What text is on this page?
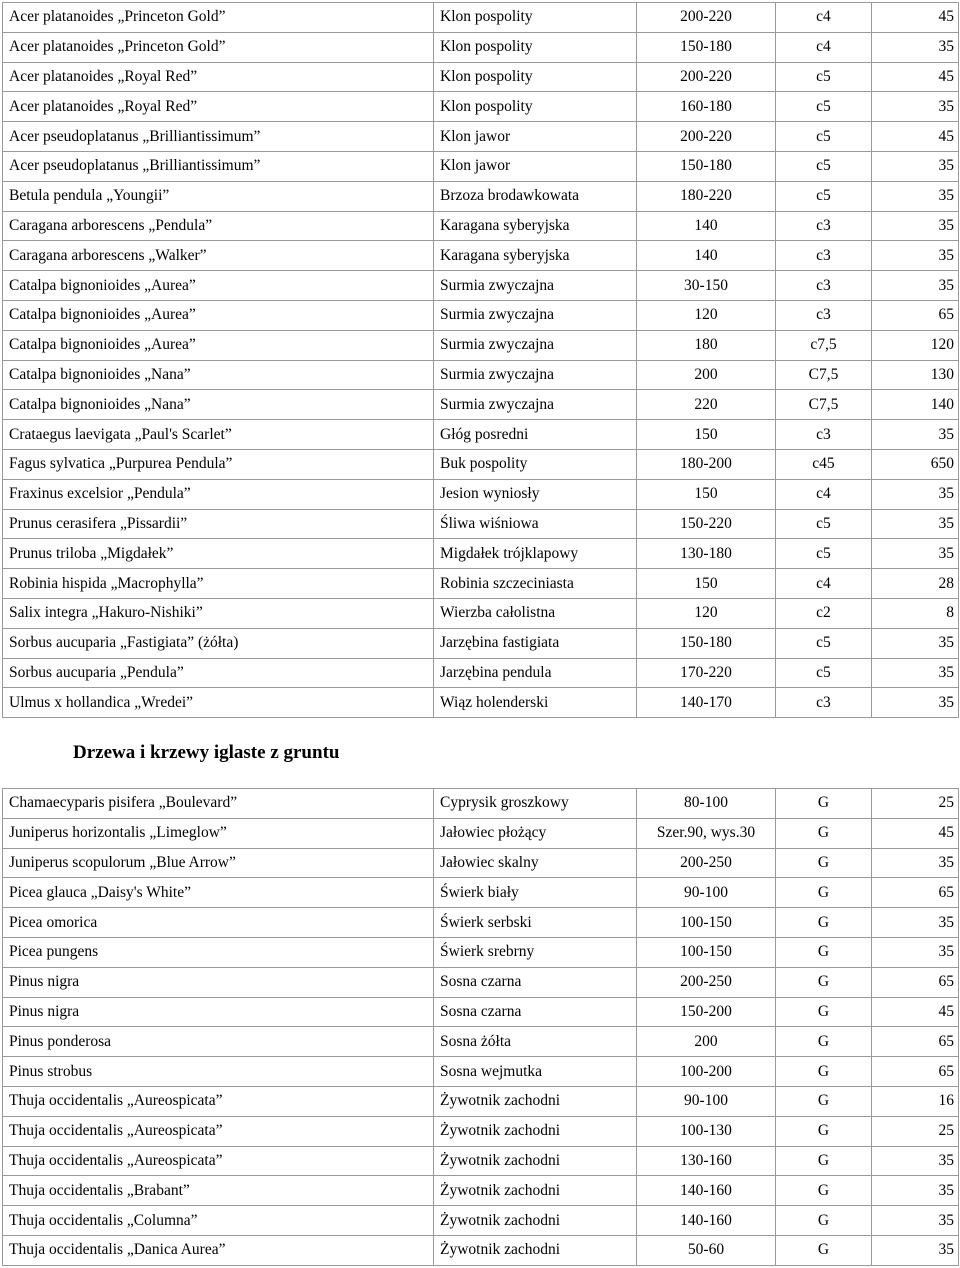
Acer platanoides „Princeton Gold”	Klon pospolity	200-220	c4	45
Acer platanoides „Princeton Gold”	Klon pospolity	150-180	c4	35
Acer platanoides „Royal Red”	Klon pospolity	200-220	c5	45
Acer platanoides „Royal Red”	Klon pospolity	160-180	c5	35
Acer pseudoplatanus „Brilliantissimum”	Klon jawor	200-220	c5	45
Acer pseudoplatanus „Brilliantissimum”	Klon jawor	150-180	c5	35
Betula pendula „Youngii”	Brzoza brodawkowata	180-220	c5	35
Caragana arborescens „Pendula”	Karagana syberyjska	140	c3	35
Caragana arborescens „Walker”	Karagana syberyjska	140	c3	35
Catalpa bignonioides „Aurea”	Surmia zwyczajna	30-150	c3	35
Catalpa bignonioides „Aurea”	Surmia zwyczajna	120	c3	65
Catalpa bignonioides „Aurea”	Surmia zwyczajna	180	c7,5	120
Catalpa bignonioides „Nana”	Surmia zwyczajna	200	C7,5	130
Catalpa bignonioides „Nana”	Surmia zwyczajna	220	C7,5	140
Crataegus laevigata „Paul's Scarlet”	Głóg posredni	150	c3	35
Fagus sylvatica „Purpurea Pendula”	Buk pospolity	180-200	c45	650
Fraxinus excelsior „Pendula”	Jesion wyniosły	150	c4	35
Prunus cerasifera „Pissardii”	Śliwa wiśniowa	150-220	c5	35
Prunus triloba „Migdałek”	Migdałek trójklapowy	130-180	c5	35
Robinia hispida „Macrophylla”	Robinia szczeciniasta	150	c4	28
Salix integra „Hakuro-Nishiki”	Wierzba całolistna	120	c2	8
Sorbus aucuparia „Fastigiata” (żółta)	Jarzębina fastigiata	150-180	c5	35
Sorbus aucuparia „Pendula”	Jarzębina pendula	170-220	c5	35
Ulmus x hollandica „Wredei”	Wiąz holenderski	140-170	c3	35
Drzewa i krzewy iglaste z gruntu
Chamaecyparis pisifera „Boulevard”	Cyprysik groszkowy	80-100	G	25
Juniperus horizontalis „Limeglow”	Jałowiec płożący	Szer.90, wys.30	G	45
Juniperus scopulorum „Blue Arrow”	Jałowiec skalny	200-250	G	35
Picea glauca „Daisy's White”	Świerk biały	90-100	G	65
Picea omorica	Świerk serbski	100-150	G	35
Picea pungens	Świerk srebrny	100-150	G	35
Pinus nigra	Sosna czarna	200-250	G	65
Pinus nigra	Sosna czarna	150-200	G	45
Pinus ponderosa	Sosna żółta	200	G	65
Pinus strobus	Sosna wejmutka	100-200	G	65
Thuja occidentalis „Aureospicata”	Żywotnik zachodni	90-100	G	16
Thuja occidentalis „Aureospicata”	Żywotnik zachodni	100-130	G	25
Thuja occidentalis „Aureospicata”	Żywotnik zachodni	130-160	G	35
Thuja occidentalis „Brabant”	Żywotnik zachodni	140-160	G	35
Thuja occidentalis „Columna”	Żywotnik zachodni	140-160	G	35
Thuja occidentalis „Danica Aurea”	Żywotnik zachodni	50-60	G	35
